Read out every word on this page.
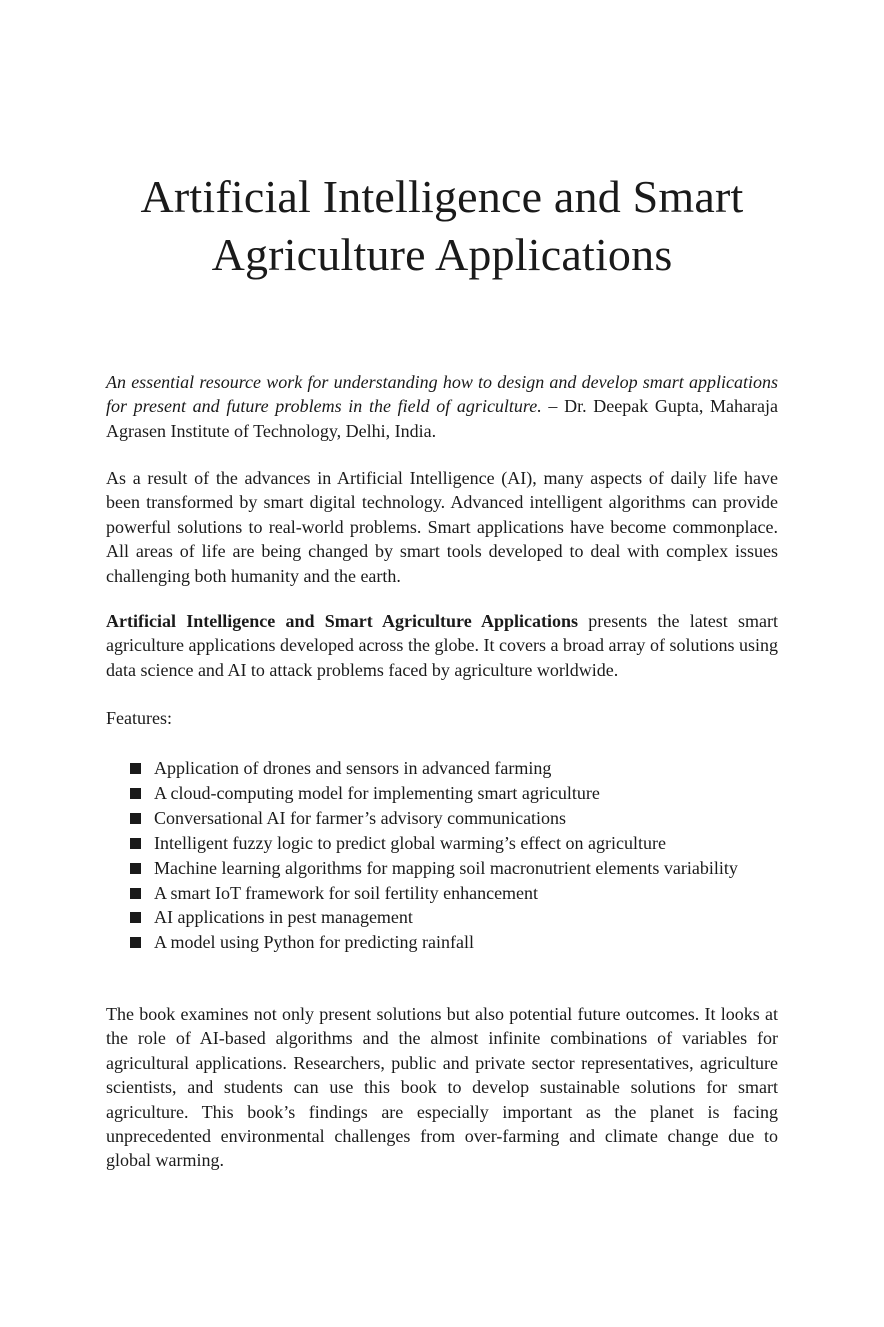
Artificial Intelligence and Smart
Agriculture Applications

An essential resource work for understanding how to design and develop smart applications for present and future problems in the field of agriculture. – Dr. Deepak Gupta, Maharaja Agrasen Institute of Technology, Delhi, India.

As a result of the advances in Artificial Intelligence (AI), many aspects of daily life have been transformed by smart digital technology. Advanced intelligent algorithms can provide powerful solutions to real-world problems. Smart applications have become commonplace. All areas of life are being changed by smart tools developed to deal with complex issues challenging both humanity and the earth.

Artificial Intelligence and Smart Agriculture Applications presents the latest smart agriculture applications developed across the globe. It covers a broad array of solutions using data science and AI to attack problems faced by agriculture worldwide.

Features:

Application of drones and sensors in advanced farming
A cloud-computing model for implementing smart agriculture
Conversational AI for farmer’s advisory communications
Intelligent fuzzy logic to predict global warming’s effect on agriculture
Machine learning algorithms for mapping soil macronutrient elements variability
A smart IoT framework for soil fertility enhancement
AI applications in pest management
A model using Python for predicting rainfall

The book examines not only present solutions but also potential future outcomes. It looks at the role of AI-based algorithms and the almost infinite combinations of variables for agricultural applications. Researchers, public and private sector representatives, agriculture scientists, and students can use this book to develop sustainable solutions for smart agriculture. This book’s findings are especially important as the planet is facing unprecedented environmental challenges from over-farming and climate change due to global warming.
